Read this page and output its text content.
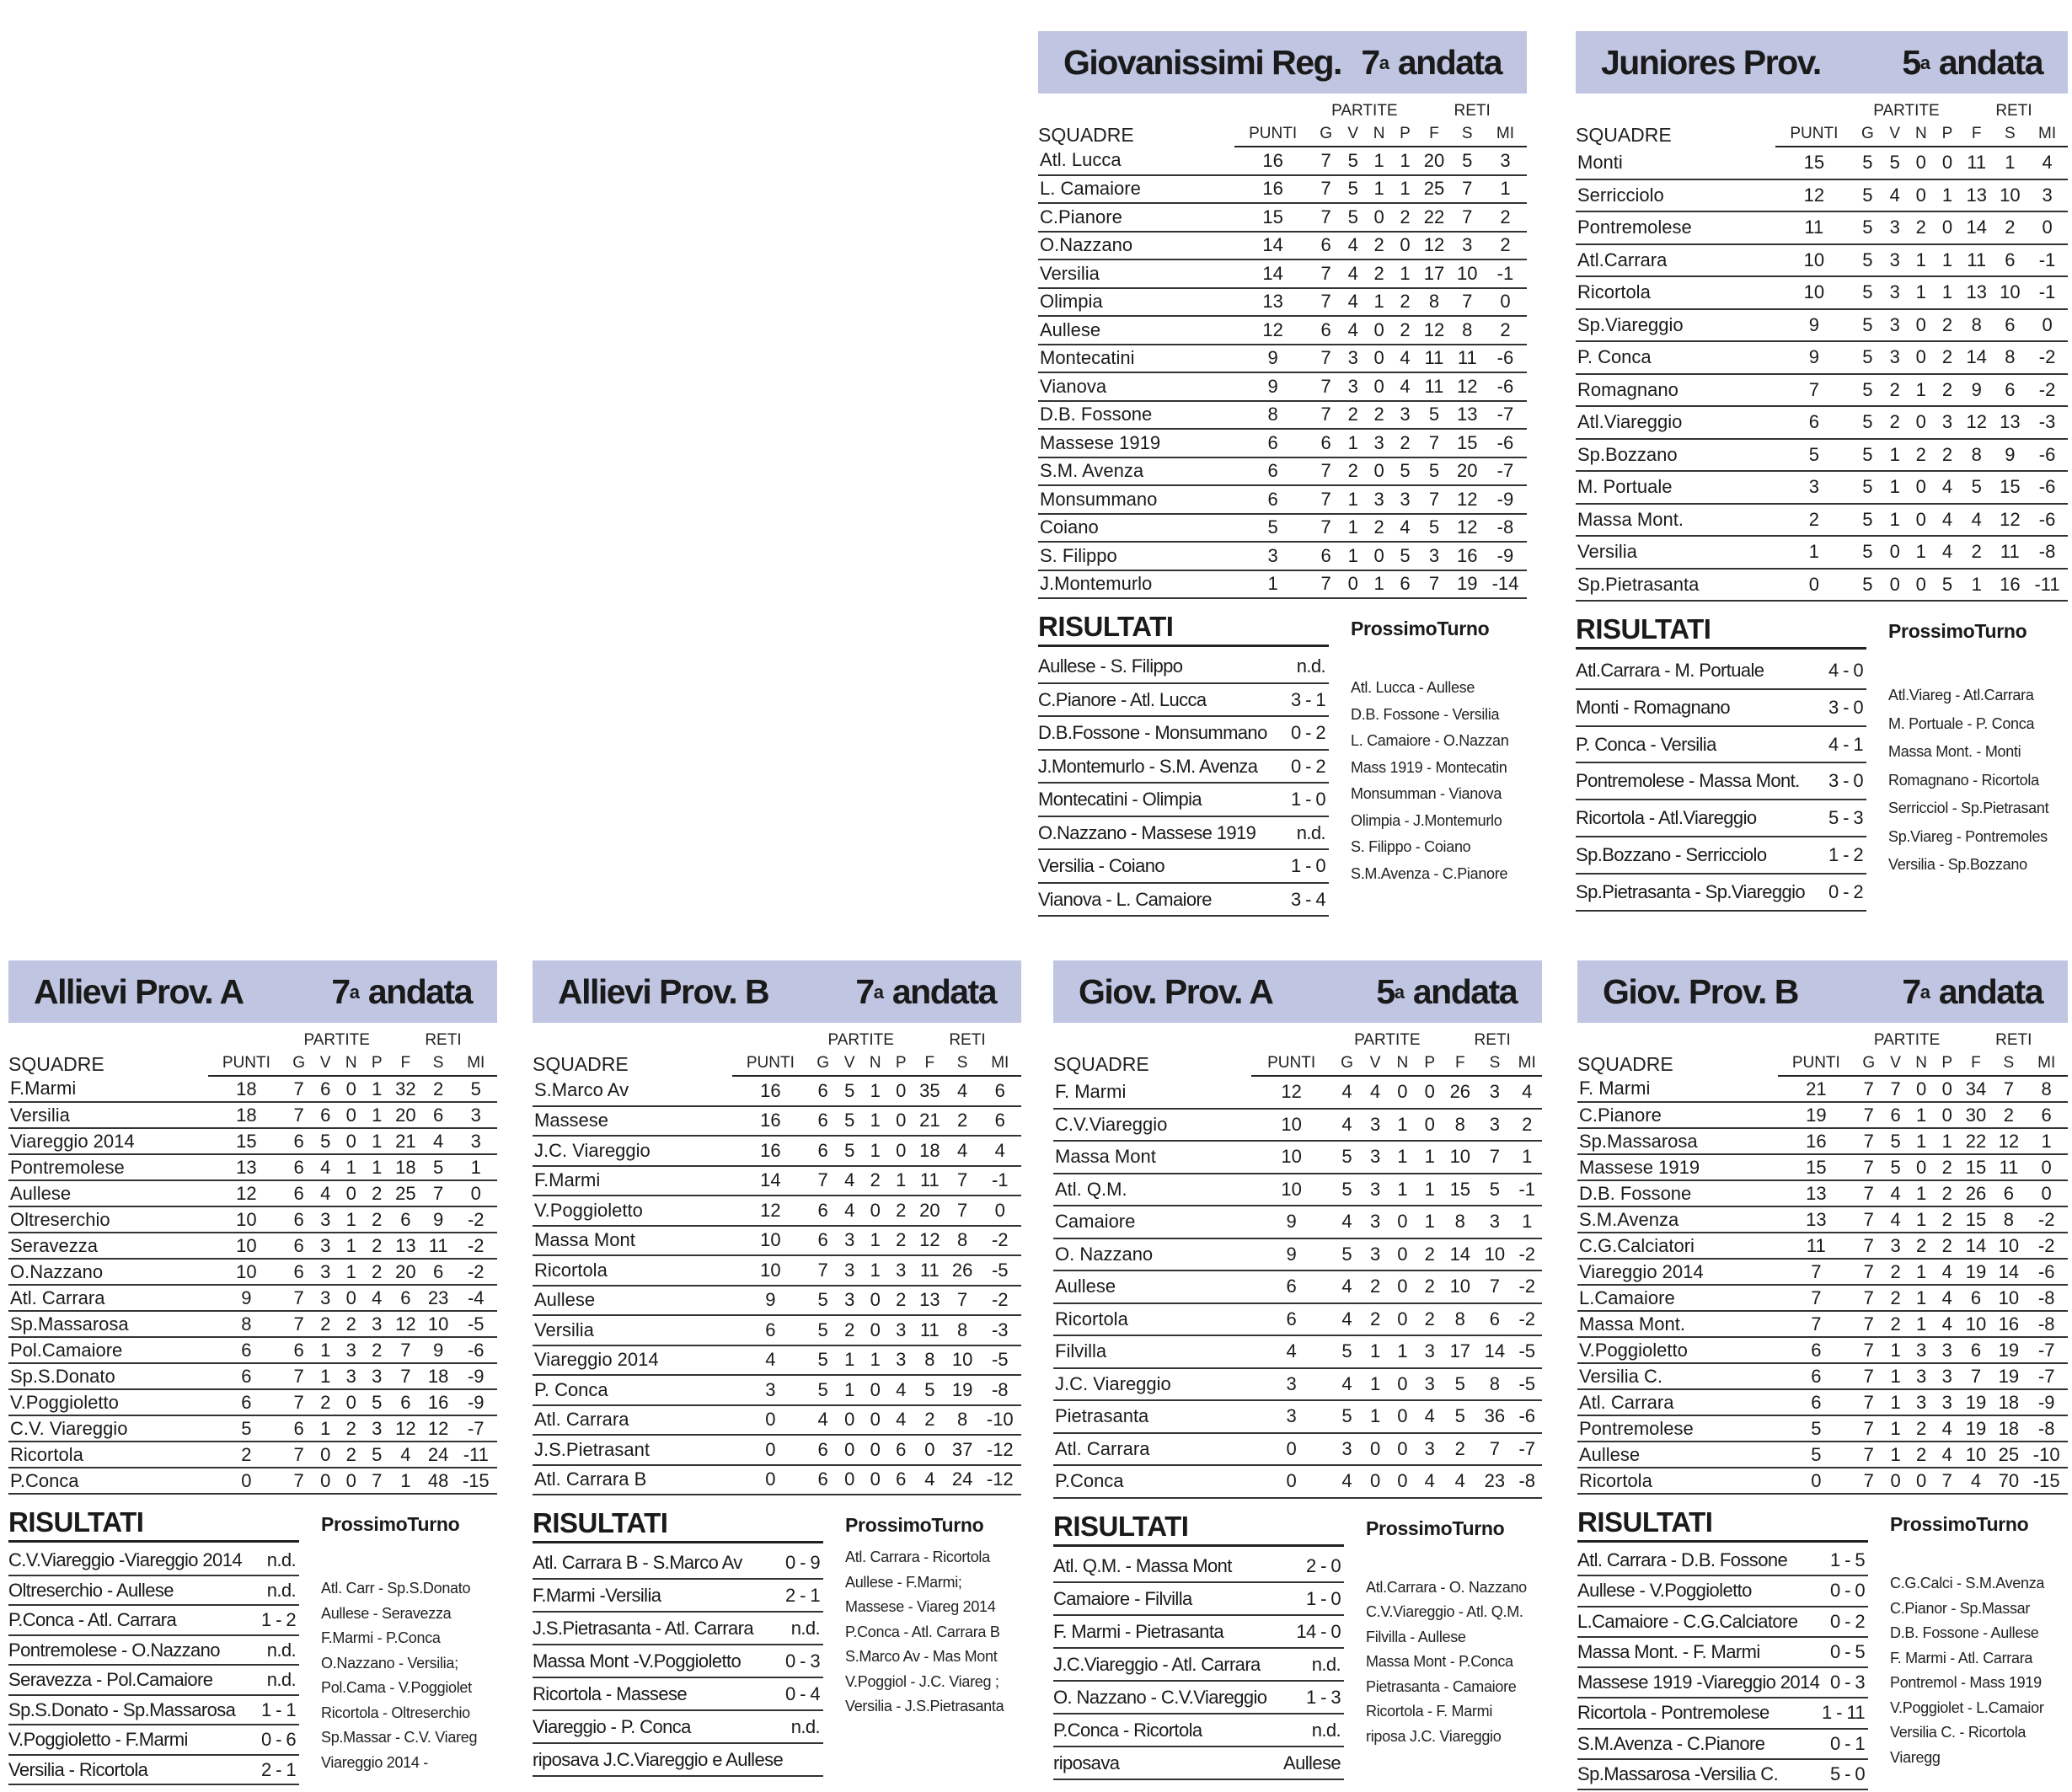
Giovanissimi Reg. 7$^a$ andata
SQUADRE		PARTITE				RETI		
	PUNTI	G	V	N	P	F	S	MI
Atl. Lucca	16	7	5	1	1	20	5	3
L. Camaiore	16	7	5	1	1	25	7	1
C.Pianore	15	7	5	0	2	22	7	2
O.Nazzano	14	6	4	2	0	12	3	2
Versilia	14	7	4	2	1	17	10	-1
Olimpia	13	7	4	1	2	8	7	0
Aullese	12	6	4	0	2	12	8	2
Montecatini	9	7	3	0	4	11	11	-6
Vianova	9	7	3	0	4	11	12	-6
D.B. Fossone	8	7	2	2	3	5	13	-7
Massese 1919	6	6	1	3	2	7	15	-6
S.M. Avenza	6	7	2	0	5	5	20	-7
Monsummano	6	7	1	3	3	7	12	-9
Coiano	5	7	1	2	4	5	12	-8
S. Filippo	3	6	1	0	5	3	16	-9
J.Montemurlo	1	7	0	1	6	7	19	-14
RISULTATI
Aullese - S. Filippo	n.d.
C.Pianore - Atl. Lucca	3 - 1
D.B.Fossone - Monsummano 0 - 2
J.Montemurlo - S.M. Avenza 0 - 2
Montecatini - Olimpia	1 - 0
O.Nazzano - Massese 1919 n.d.
Versilia - Coiano	1 - 0
Vianova - L. Camaiore	3 - 4
ProssimoTurno
Atl. Lucca - Aullese
D.B. Fossone - Versilia
L. Camaiore - O.Nazzan
Mass 1919 - Montecatin
Monsumman - Vianova
Olimpia - J.Montemurlo
S. Filippo - Coiano
S.M.Avenza - C.Pianore
Juniores Prov. 5$^a$ andata
SQUADRE		PARTITE				RETI		
	PUNTI	G	V	N	P	F	S	MI
Monti	15	5	5	0	0	11	1	4
Serricciolo	12	5	4	0	1	13	10	3
Pontremolese	11	5	3	2	0	14	2	0
Atl.Carrara	10	5	3	1	1	11	6	-1
Ricortola	10	5	3	1	1	13	10	-1
Sp.Viareggio	9	5	3	0	2	8	6	0
P. Conca	9	5	3	0	2	14	8	-2
Romagnano	7	5	2	1	2	9	6	-2
Atl.Viareggio	6	5	2	0	3	12	13	-3
Sp.Bozzano	5	5	1	2	2	8	9	-6
M. Portuale	3	5	1	0	4	5	15	-6
Massa Mont.	2	5	1	0	4	4	12	-6
Versilia	1	5	0	1	4	2	11	-8
Sp.Pietrasanta	0	5	0	0	5	1	16	-11
RISULTATI
Atl.Carrara - M. Portuale	4 - 0
Monti - Romagnano	3 - 0
P. Conca - Versilia	4 - 1
Pontremolese - Massa Mont. 3 - 0
Ricortola - Atl.Viareggio	5 - 3
Sp.Bozzano - Serricciolo	1 - 2
Sp.Pietrasanta - Sp.Viareggio 0 - 2
ProssimoTurno
Atl.Viareg - Atl.Carrara
M. Portuale - P. Conca
Massa Mont. - Monti
Romagnano - Ricortola
Serricciol - Sp.Pietrasant
Sp.Viareg - Pontremoles
Versilia - Sp.Bozzano
Allievi Prov. A	7$^a$ andata
SQUADRE		PARTITE				RETI		
	PUNTI	G	V	N	P	F	S	MI
F.Marmi	18	7	6	0	1	32	2	5
Versilia	18	7	6	0	1	20	6	3
Viareggio 2014	15	6	5	0	1	21	4	3
Pontremolese	13	6	4	1	1	18	5	1
Aullese	12	6	4	0	2	25	7	0
Oltreserchio	10	6	3	1	2	6	9	-2
Seravezza	10	6	3	1	2	13	11	-2
O.Nazzano	10	6	3	1	2	20	6	-2
Atl. Carrara	9	7	3	0	4	6	23	-4
Sp.Massarosa	8	7	2	2	3	12	10	-5
Pol.Camaiore	6	6	1	3	2	7	9	-6
Sp.S.Donato	6	7	1	3	3	7	18	-9
V.Poggioletto	6	7	2	0	5	6	16	-9
C.V. Viareggio	5	6	1	2	3	12	12	-7
Ricortola	2	7	0	2	5	4	24	-11
P.Conca	0	7	0	0	7	1	48	-15
RISULTATI
C.V.Viareggio -Viareggio 2014 n.d.
Oltreserchio - Aullese	n.d.
P.Conca - Atl. Carrara	1 - 2
Pontremolese - O.Nazzano	n.d.
Seravezza - Pol.Camaiore	n.d.
Sp.S.Donato - Sp.Massarosa 1 - 1
V.Poggioletto - F.Marmi	0 - 6
Versilia - Ricortola	2 - 1
ProssimoTurno
Atl. Carr - Sp.S.Donato
Aullese - Seravezza
F.Marmi - P.Conca
O.Nazzano - Versilia;
Pol.Cama - V.Poggiolet
Ricortola - Oltreserchio
Sp.Massar - C.V. Viareg
Viareggio 2014 -
Allievi Prov. B	7$^a$ andata
SQUADRE		PARTITE				RETI		
	PUNTI	G	V	N	P	F	S	MI
S.Marco Av	16	6	5	1	0	35	4	6
Massese	16	6	5	1	0	21	2	6
J.C. Viareggio	16	6	5	1	0	18	4	4
F.Marmi	14	7	4	2	1	11	7	-1
V.Poggioletto	12	6	4	0	2	20	7	0
Massa Mont	10	6	3	1	2	12	8	-2
Ricortola	10	7	3	1	3	11	26	-5
Aullese	9	5	3	0	2	13	7	-2
Versilia	6	5	2	0	3	11	8	-3
Viareggio 2014	4	5	1	1	3	8	10	-5
P. Conca	3	5	1	0	4	5	19	-8
Atl. Carrara	0	4	0	0	4	2	8	-10
J.S.Pietrasant	0	6	0	0	6	0	37	-12
Atl. Carrara B	0	6	0	0	6	4	24	-12
RISULTATI
Atl. Carrara B - S.Marco Av 0 - 9
F.Marmi -Versilia	2 - 1
J.S.Pietrasanta - Atl. Carrara n.d.
Massa Mont -V.Poggioletto 0 - 3
Ricortola - Massese	0 - 4
Viareggio - P. Conca	n.d.
riposava J.C.Viareggio e Aullese
ProssimoTurno
Atl. Carrara - Ricortola
Aullese - F.Marmi;
Massese - Viareg 2014
P.Conca - Atl. Carrara B
S.Marco Av - Mas Mont
V.Poggiol - J.C. Viareg ;
Versilia - J.S.Pietrasanta
Giov. Prov. A	5$^a$ andata
SQUADRE		PARTITE				RETI		
	PUNTI	G	V	N	P	F	S	MI
F. Marmi	12	4	4	0	0	26	3	4
C.V.Viareggio	10	4	3	1	0	8	3	2
Massa Mont	10	5	3	1	1	10	7	1
Atl. Q.M.	10	5	3	1	1	15	5	-1
Camaiore	9	4	3	0	1	8	3	1
O. Nazzano	9	5	3	0	2	14	10	-2
Aullese	6	4	2	0	2	10	7	-2
Ricortola	6	4	2	0	2	8	6	-2
Filvilla	4	5	1	1	3	17	14	-5
J.C. Viareggio	3	4	1	0	3	5	8	-5
Pietrasanta	3	5	1	0	4	5	36	-6
Atl. Carrara	0	3	0	0	3	2	7	-7
P.Conca	0	4	0	0	4	4	23	-8
RISULTATI
Atl. Q.M. - Massa Mont	2 - 0
Camaiore - Filvilla	1 - 0
F. Marmi - Pietrasanta	14 - 0
J.C.Viareggio - Atl. Carrara	n.d.
O. Nazzano - C.V.Viareggio 1 - 3
P.Conca - Ricortola	n.d.
riposava	Aullese
ProssimoTurno
Atl.Carrara - O. Nazzano
C.V.Viareggio - Atl. Q.M.
Filvilla - Aullese
Massa Mont - P.Conca
Pietrasanta - Camaiore
Ricortola - F. Marmi
riposa J.C. Viareggio
Giov. Prov. B	7$^a$ andata
SQUADRE		PARTITE				RETI		
	PUNTI	G	V	N	P	F	S	MI
F. Marmi	21	7	7	0	0	34	7	8
C.Pianore	19	7	6	1	0	30	2	6
Sp.Massarosa	16	7	5	1	1	22	12	1
Massese 1919	15	7	5	0	2	15	11	0
D.B. Fossone	13	7	4	1	2	26	6	0
S.M.Avenza	13	7	4	1	2	15	8	-2
C.G.Calciatori	11	7	3	2	2	14	10	-2
Viareggio 2014	7	7	2	1	4	19	14	-6
L.Camaiore	7	7	2	1	4	6	10	-8
Massa Mont.	7	7	2	1	4	10	16	-8
V.Poggioletto	6	7	1	3	3	6	19	-7
Versilia C.	6	7	1	3	3	7	19	-7
Atl. Carrara	6	7	1	3	3	19	18	-9
Pontremolese	5	7	1	2	4	19	18	-8
Aullese	5	7	1	2	4	10	25	-10
Ricortola	0	7	0	0	7	4	70	-15
RISULTATI
Atl. Carrara - D.B. Fossone 1 - 5
Aullese - V.Poggioletto	0 - 0
L.Camaiore - C.G.Calciatore 0 - 2
Massa Mont. - F. Marmi	0 - 5
Massese 1919 -Viareggio 2014 0 - 3
Ricortola - Pontremolese	1 - 11
S.M.Avenza - C.Pianore	0 - 1
Sp.Massarosa -Versilia C.	5 - 0
ProssimoTurno
C.G.Calci - S.M.Avenza
C.Pianor - Sp.Massar
D.B. Fossone - Aullese
F. Marmi - Atl. Carrara
Pontremol - Mass 1919
V.Poggiolet - L.Camaior
Versilia C. - Ricortola
Viaregg
